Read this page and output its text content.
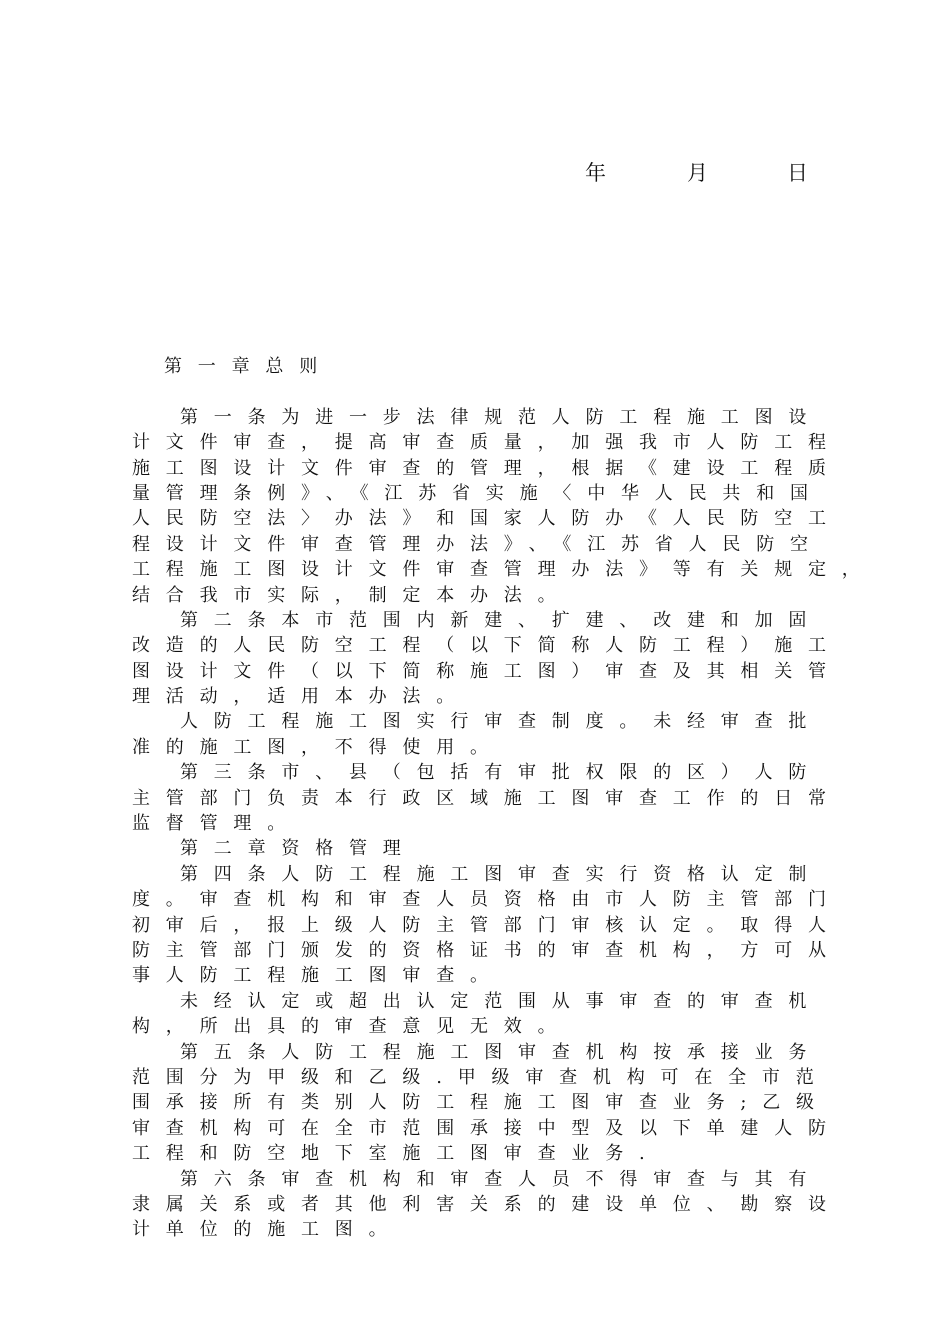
年	月	日
第一章总则
第一条为进一步法律规范人防工程施工图设
计文件审查，提高审查质量，加强我市人防工程
施工图设计文件审查的管理，根据《建设工程质
量管理条例》、《江苏省实施〈中华人民共和国
人民防空法〉办法》和国家人防办《人民防空工
程设计文件审查管理办法》、《江苏省人民防空
工程施工图设计文件审查管理办法》等有关规定，
结合我市实际，制定本办法。
第二条本市范围内新建、扩建、改建和加固
改造的人民防空工程（以下简称人防工程）施工
图设计文件（以下简称施工图）审查及其相关管
理活动，适用本办法。
人防工程施工图实行审查制度。未经审查批
准的施工图，不得使用。
第三条市、县（包括有审批权限的区）人防
主管部门负责本行政区域施工图审查工作的日常
监督管理。
第二章资格管理
第四条人防工程施工图审查实行资格认定制
度。审查机构和审查人员资格由市人防主管部门
初审后，报上级人防主管部门审核认定。取得人
防主管部门颁发的资格证书的审查机构，方可从
事人防工程施工图审查。
未经认定或超出认定范围从事审查的审查机
构，所出具的审查意见无效。
第五条人防工程施工图审查机构按承接业务
范围分为甲级和乙级.甲级审查机构可在全市范
围承接所有类别人防工程施工图审查业务;乙级
审查机构可在全市范围承接中型及以下单建人防
工程和防空地下室施工图审查业务.
第六条审查机构和审查人员不得审查与其有
隶属关系或者其他利害关系的建设单位、勘察设
计单位的施工图。
